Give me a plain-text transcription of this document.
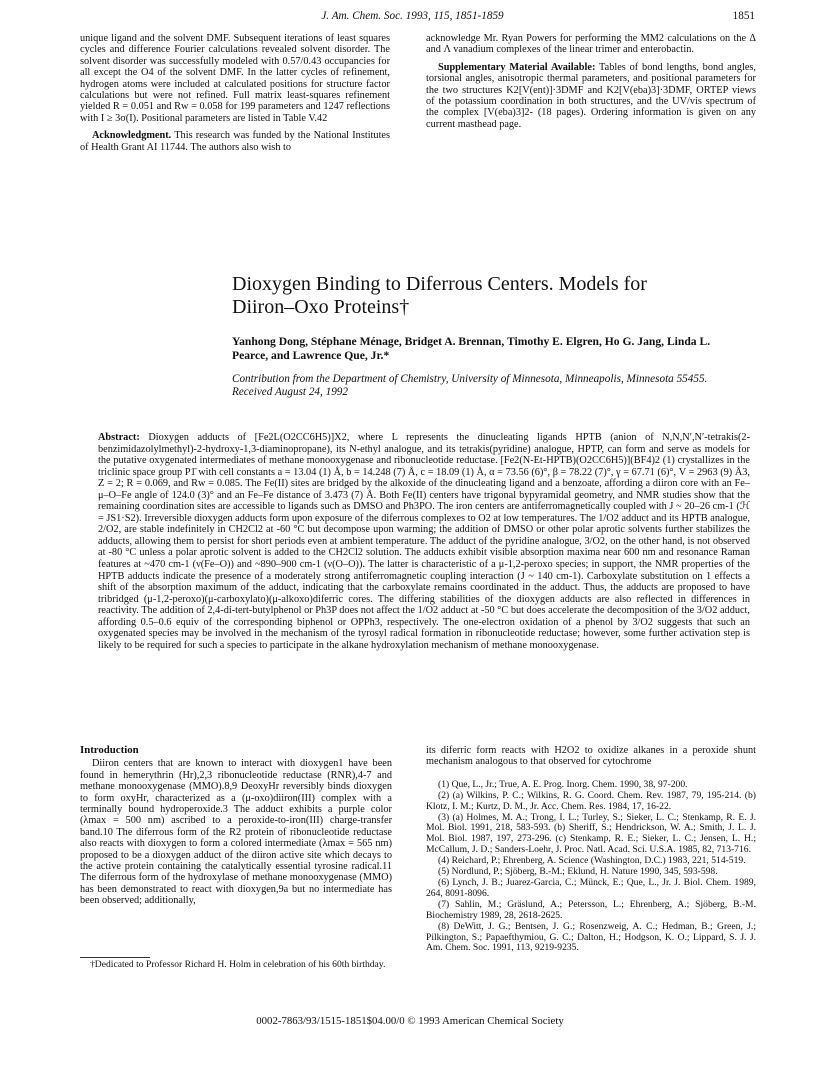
J. Am. Chem. Soc. 1993, 115, 1851-1859	1851

unique ligand and the solvent DMF. Subsequent iterations of least squares cycles and difference Fourier calculations revealed solvent disorder. The solvent disorder was successfully modeled with 0.57/0.43 occupancies for all except the O4 of the solvent DMF. In the latter cycles of refinement, hydrogen atoms were included at calculated positions for structure factor calculations but were not refined. Full matrix least-squares refinement yielded R = 0.051 and Rw = 0.058 for 199 parameters and 1247 reflections with I ≥ 3σ(I). Positional parameters are listed in Table V.42

Acknowledgment. This research was funded by the National Institutes of Health Grant AI 11744. The authors also wish to

acknowledge Mr. Ryan Powers for performing the MM2 calculations on the Δ and Λ vanadium complexes of the linear trimer and enterobactin.

Supplementary Material Available: Tables of bond lengths, bond angles, torsional angles, anisotropic thermal parameters, and positional parameters for the two structures K2[V(ent)]·3DMF and K2[V(eba)3]·3DMF, ORTEP views of the potassium coordination in both structures, and the UV/vis spectrum of the complex [V(eba)3]2- (18 pages). Ordering information is given on any current masthead page.

Dioxygen Binding to Diferrous Centers. Models for Diiron–Oxo Proteins†
Yanhong Dong, Stéphane Ménage, Bridget A. Brennan, Timothy E. Elgren, Ho G. Jang, Linda L. Pearce, and Lawrence Que, Jr.*
Contribution from the Department of Chemistry, University of Minnesota, Minneapolis, Minnesota 55455. Received August 24, 1992
Abstract: Dioxygen adducts of [Fe2L(O2CC6H5)]X2, where L represents the dinucleating ligands HPTB (anion of N,N,N′,N′-tetrakis(2-benzimidazolylmethyl)-2-hydroxy-1,3-diaminopropane), its N-ethyl analogue, and its tetrakis(pyridine) analogue, HPTP, can form and serve as models for the putative oxygenated intermediates of methane monooxygenase and ribonucleotide reductase. [Fe2(N-Et-HPTB)(O2CC6H5)](BF4)2 (1) crystallizes in the triclinic space group P1̄ with cell constants a = 13.04 (1) Å, b = 14.248 (7) Å, c = 18.09 (1) Å, α = 73.56 (6)°, β = 78.22 (7)°, γ = 67.71 (6)°, V = 2963 (9) Å3, Z = 2; R = 0.069, and Rw = 0.085. The Fe(II) sites are bridged by the alkoxide of the dinucleating ligand and a benzoate, affording a diiron core with an Fe–μ–O–Fe angle of 124.0 (3)° and an Fe–Fe distance of 3.473 (7) Å. Both Fe(II) centers have trigonal bypyramidal geometry, and NMR studies show that the remaining coordination sites are accessible to ligands such as DMSO and Ph3PO. The iron centers are antiferromagnetically coupled with J ~ 20–26 cm-1 (ℋ = JS1·S2). Irreversible dioxygen adducts form upon exposure of the diferrous complexes to O2 at low temperatures. The 1/O2 adduct and its HPTB analogue, 2/O2, are stable indefinitely in CH2Cl2 at -60 °C but decompose upon warming; the addition of DMSO or other polar aprotic solvents further stabilizes the adducts, allowing them to persist for short periods even at ambient temperature. The adduct of the pyridine analogue, 3/O2, on the other hand, is not observed at -80 °C unless a polar aprotic solvent is added to the CH2Cl2 solution. The adducts exhibit visible absorption maxima near 600 nm and resonance Raman features at ~470 cm-1 (ν(Fe–O)) and ~890–900 cm-1 (ν(O–O)). The latter is characteristic of a μ-1,2-peroxo species; in support, the NMR properties of the HPTB adducts indicate the presence of a moderately strong antiferromagnetic coupling interaction (J ~ 140 cm-1). Carboxylate substitution on 1 effects a shift of the absorption maximum of the adduct, indicating that the carboxylate remains coordinated in the adduct. Thus, the adducts are proposed to have tribridged (μ-1,2-peroxo)(μ-carboxylato)(μ-alkoxo)diferric cores. The differing stabilities of the dioxygen adducts are also reflected in differences in reactivity. The addition of 2,4-di-tert-butylphenol or Ph3P does not affect the 1/O2 adduct at -50 °C but does accelerate the decomposition of the 3/O2 adduct, affording 0.5–0.6 equiv of the corresponding biphenol or OPPh3, respectively. The one-electron oxidation of a phenol by 3/O2 suggests that such an oxygenated species may be involved in the mechanism of the tyrosyl radical formation in ribonucleotide reductase; however, some further activation step is likely to be required for such a species to participate in the alkane hydroxylation mechanism of methane monooxygenase.

Introduction

Diiron centers that are known to interact with dioxygen1 have been found in hemerythrin (Hr),2,3 ribonucleotide reductase (RNR),4-7 and methane monooxygenase (MMO).8,9 DeoxyHr reversibly binds dioxygen to form oxyHr, characterized as a (μ-oxo)diiron(III) complex with a terminally bound hydroperoxide.3 The adduct exhibits a purple color (λmax = 500 nm) ascribed to a peroxide-to-iron(III) charge-transfer band.10 The diferrous form of the R2 protein of ribonucleotide reductase also reacts with dioxygen to form a colored intermediate (λmax = 565 nm) proposed to be a dioxygen adduct of the diiron active site which decays to the active protein containing the catalytically essential tyrosine radical.11 The diferrous form of the hydroxylase of methane monooxygenase (MMO) has been demonstrated to react with dioxygen,9a but no intermediate has been observed; additionally,

its diferric form reacts with H2O2 to oxidize alkanes in a peroxide shunt mechanism analogous to that observed for cytochrome

(1) Que, L., Jr.; True, A. E. Prog. Inorg. Chem. 1990, 38, 97-200.

(2) (a) Wilkins, P. C.; Wilkins, R. G. Coord. Chem. Rev. 1987, 79, 195-214. (b) Klotz, I. M.; Kurtz, D. M., Jr. Acc. Chem. Res. 1984, 17, 16-22.

(3) (a) Holmes, M. A.; Trong, I. L.; Turley, S.; Sieker, L. C.; Stenkamp, R. E. J. Mol. Biol. 1991, 218, 583-593. (b) Sheriff, S.; Hendrickson, W. A.; Smith, J. L. J. Mol. Biol. 1987, 197, 273-296. (c) Stenkamp, R. E.; Sieker, L. C.; Jensen, L. H.; McCallum, J. D.; Sanders-Loehr, J. Proc. Natl. Acad. Sci. U.S.A. 1985, 82, 713-716.

(4) Reichard, P.; Ehrenberg, A. Science (Washington, D.C.) 1983, 221, 514-519.

(5) Nordlund, P.; Sjöberg, B.-M.; Eklund, H. Nature 1990, 345, 593-598.

(6) Lynch, J. B.; Juarez-Garcia, C.; Münck, E.; Que, L., Jr. J. Biol. Chem. 1989, 264, 8091-8096.

(7) Sahlin, M.; Gräslund, A.; Petersson, L.; Ehrenberg, A.; Sjöberg, B.-M. Biochemistry 1989, 28, 2618-2625.

(8) DeWitt, J. G.; Bentsen, J. G.; Rosenzweig, A. C.; Hedman, B.; Green, J.; Pilkington, S.; Papaefthymiou, G. C.; Dalton, H.; Hodgson, K. O.; Lippard, S. J. J. Am. Chem. Soc. 1991, 113, 9219-9235.

†Dedicated to Professor Richard H. Holm in celebration of his 60th birthday.
0002-7863/93/1515-1851$04.00/0 © 1993 American Chemical Society
